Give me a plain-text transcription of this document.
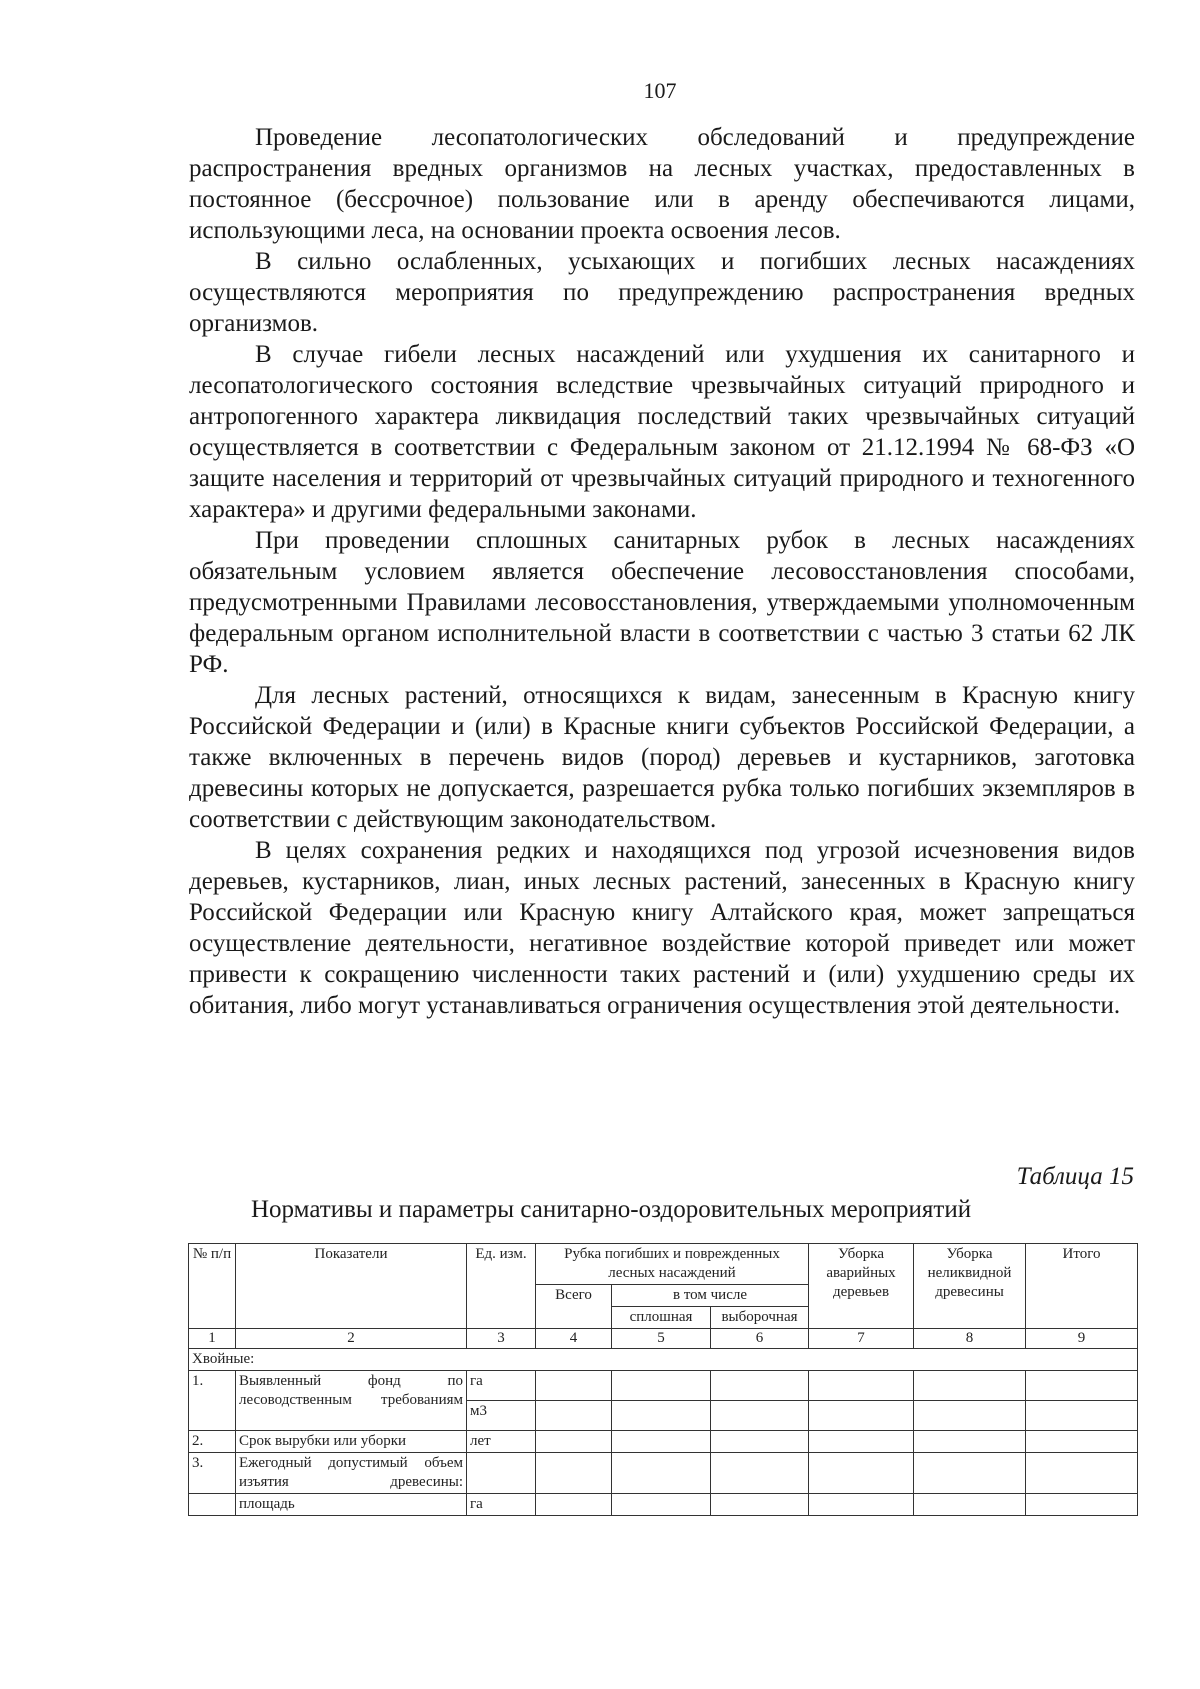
107

Проведение лесопатологических обследований и предупреждение распространения вредных организмов на лесных участках, предоставленных в постоянное (бессрочное) пользование или в аренду обеспечиваются лицами, использующими леса, на основании проекта освоения лесов.

В сильно ослабленных, усыхающих и погибших лесных насаждениях осуществляются мероприятия по предупреждению распространения вредных организмов.

В случае гибели лесных насаждений или ухудшения их санитарного и лесопатологического состояния вследствие чрезвычайных ситуаций природного и антропогенного характера ликвидация последствий таких чрезвычайных ситуаций осуществляется в соответствии с Федеральным законом от 21.12.1994 № 68-ФЗ «О защите населения и территорий от чрезвычайных ситуаций природного и техногенного характера» и другими федеральными законами.

При проведении сплошных санитарных рубок в лесных насаждениях обязательным условием является обеспечение лесовосстановления способами, предусмотренными Правилами лесовосстановления, утверждаемыми уполномоченным федеральным органом исполнительной власти в соответствии с частью 3 статьи 62 ЛК РФ.

Для лесных растений, относящихся к видам, занесенным в Красную книгу Российской Федерации и (или) в Красные книги субъектов Российской Федерации, а также включенных в перечень видов (пород) деревьев и кустарников, заготовка древесины которых не допускается, разрешается рубка только погибших экземпляров в соответствии с действующим законодательством.

В целях сохранения редких и находящихся под угрозой исчезновения видов деревьев, кустарников, лиан, иных лесных растений, занесенных в Красную книгу Российской Федерации или Красную книгу Алтайского края, может запрещаться осуществление деятельности, негативное воздействие которой приведет или может привести к сокращению численности таких растений и (или) ухудшению среды их обитания, либо могут устанавливаться ограничения осуществления этой деятельности.

Таблица 15
Нормативы и параметры санитарно-оздоровительных мероприятий
№ п/п	Показатели	Ед. изм.	Рубка погибших и поврежденных лесных насаждений			Уборка аварийных деревьев	Уборка неликвидной древесины	Итого
			Всего	в том числе				
				сплошная	выборочная			
1	2	3	4	5	6	7	8	9
Хвойные:								
1.	Выявленный фонд по лесоводственным требованиям	га						
		м3						
2.	Срок вырубки или уборки	лет						
3.	Ежегодный допустимый объем изъятия древесины:							
	площадь	га						
